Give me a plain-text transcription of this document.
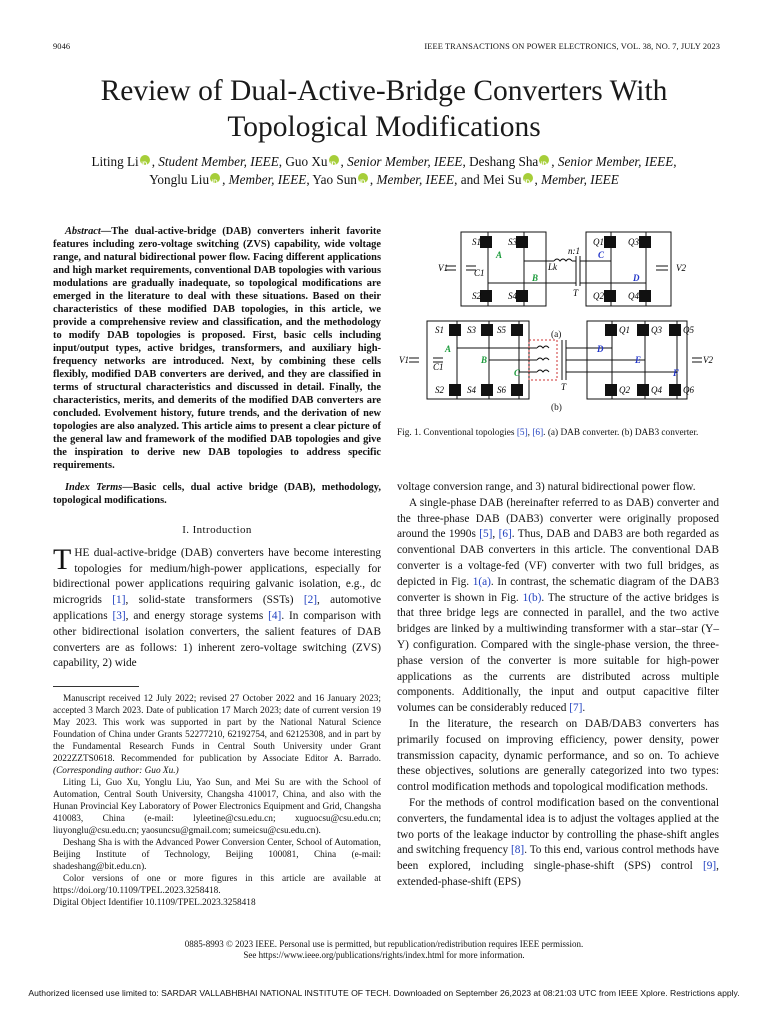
9046	IEEE TRANSACTIONS ON POWER ELECTRONICS, VOL. 38, NO. 7, JULY 2023
Review of Dual-Active-Bridge Converters With Topological Modifications
Liting Li iD , Student Member, IEEE, Guo Xu iD , Senior Member, IEEE, Deshang Sha iD , Senior Member, IEEE,
Yonglu Liu iD , Member, IEEE, Yao Sun iD , Member, IEEE, and Mei Su iD , Member, IEEE
Abstract—The dual-active-bridge (DAB) converters inherit favorite features including zero-voltage switching (ZVS) capability, wide voltage range, and natural bidirectional power flow. Facing different applications and high market requirements, conventional DAB topologies with various modulations are gradually inadequate, so topological modifications are emerged in the literature to deal with these situations. Based on their characteristics of these modified DAB topologies, in this article, we provide a comprehensive review and classification, and the methodology to modify DAB topologies is proposed. First, basic cells including input/output types, active bridges, transformers, and auxiliary high-frequency networks are introduced. Next, by combining these cells flexibly, modified DAB converters are derived, and they are classified in terms of structural characteristics and discussed in detail. Finally, the characteristics, merits, and demerits of the modified DAB converters are concluded. Evolvement history, future trends, and the derivation of new topologies are also analyzed. This article aims to present a clear picture of the general law and framework of the modified DAB topologies and give the inspiration to derive new DAB topologies to address specific requirements.
Index Terms—Basic cells, dual active bridge (DAB), methodology, topological modifications.
I. Introduction

THE dual-active-bridge (DAB) converters have become interesting topologies for medium/high-power applications, especially for bidirectional power applications requiring galvanic isolation, e.g., dc microgrids [1], solid-state transformers (SSTs) [2], automotive applications [3], and energy storage systems [4]. In comparison with other bidirectional isolation converters, the salient features of DAB converters are as follows: 1) inherent zero-voltage switching (ZVS) capability, 2) wide

Manuscript received 12 July 2022; revised 27 October 2022 and 16 January 2023; accepted 3 March 2023. Date of publication 17 March 2023; date of current version 19 May 2023. This work was supported in part by the National Natural Science Foundation of China under Grants 52277210, 62192754, and 62125308, and in part by the Fundamental Research Funds in Central South University under Grant 2022ZZTS0618. Recommended for publication by Associate Editor A. Barrado. (Corresponding author: Guo Xu.)

Liting Li, Guo Xu, Yonglu Liu, Yao Sun, and Mei Su are with the School of Automation, Central South University, Changsha 410017, China, and also with the Hunan Provincial Key Laboratory of Power Electronics Equipment and Grid, Changsha 410083, China (e-mail: lyleetine@csu.edu.cn; xuguocsu@csu.edu.cn; liuyonglu@csu.edu.cn; yaosuncsu@gmail.com; sumeicsu@csu.edu.cn).

Deshang Sha is with the Advanced Power Conversion Center, School of Automation, Beijing Institute of Technology, Beijing 100081, China (e-mail: shadeshang@bit.edu.cn).

Color versions of one or more figures in this article are available at https://doi.org/10.1109/TPEL.2023.3258418.

Digital Object Identifier 10.1109/TPEL.2023.3258418

S1	S3
S2	S4
Q1	Q3
Q2	Q4
V1	C1
Lk
n:1
T
V2
A
B
C
D
(a)
S1	S3 S5
S2	S4 S6
Q1 Q3 Q5
Q2 Q4 Q6
V1
C1
V2
T
A
B
C
D
E
F
(b)
Fig. 1. Conventional topologies [5], [6]. (a) DAB converter. (b) DAB3 converter.

voltage conversion range, and 3) natural bidirectional power flow.

A single-phase DAB (hereinafter referred to as DAB) converter and the three-phase DAB (DAB3) converter were originally proposed around the 1990s [5], [6]. Thus, DAB and DAB3 are both regarded as conventional DAB converters in this article. The conventional DAB converter is a voltage-fed (VF) converter with two full bridges, as depicted in Fig. 1(a). In contrast, the schematic diagram of the DAB3 converter is shown in Fig. 1(b). The structure of the active bridges is that three bridge legs are connected in parallel, and the two active bridges are linked by a multiwinding transformer with a star–star (Y–Y) configuration. Compared with the single-phase version, the three-phase version of the converter is more suitable for high-power applications as the currents are distributed across multiple components. Additionally, the input and output capacitive filter volumes can be considerably reduced [7].

In the literature, the research on DAB/DAB3 converters has primarily focused on improving efficiency, power density, power transmission capacity, dynamic performance, and so on. To achieve these objectives, solutions are generally categorized into two types: control modification methods and topological modification methods.

For the methods of control modification based on the conventional converters, the fundamental idea is to adjust the voltages applied at the two ports of the leakage inductor by controlling the phase-shift angles and switching frequency [8]. To this end, various control methods have been explored, including single-phase-shift (SPS) control [9], extended-phase-shift (EPS)

0885-8993 © 2023 IEEE. Personal use is permitted, but republication/redistribution requires IEEE permission.
See https://www.ieee.org/publications/rights/index.html for more information.
Authorized licensed use limited to: SARDAR VALLABHBHAI NATIONAL INSTITUTE OF TECH. Downloaded on September 26,2023 at 08:21:03 UTC from IEEE Xplore. Restrictions apply.
